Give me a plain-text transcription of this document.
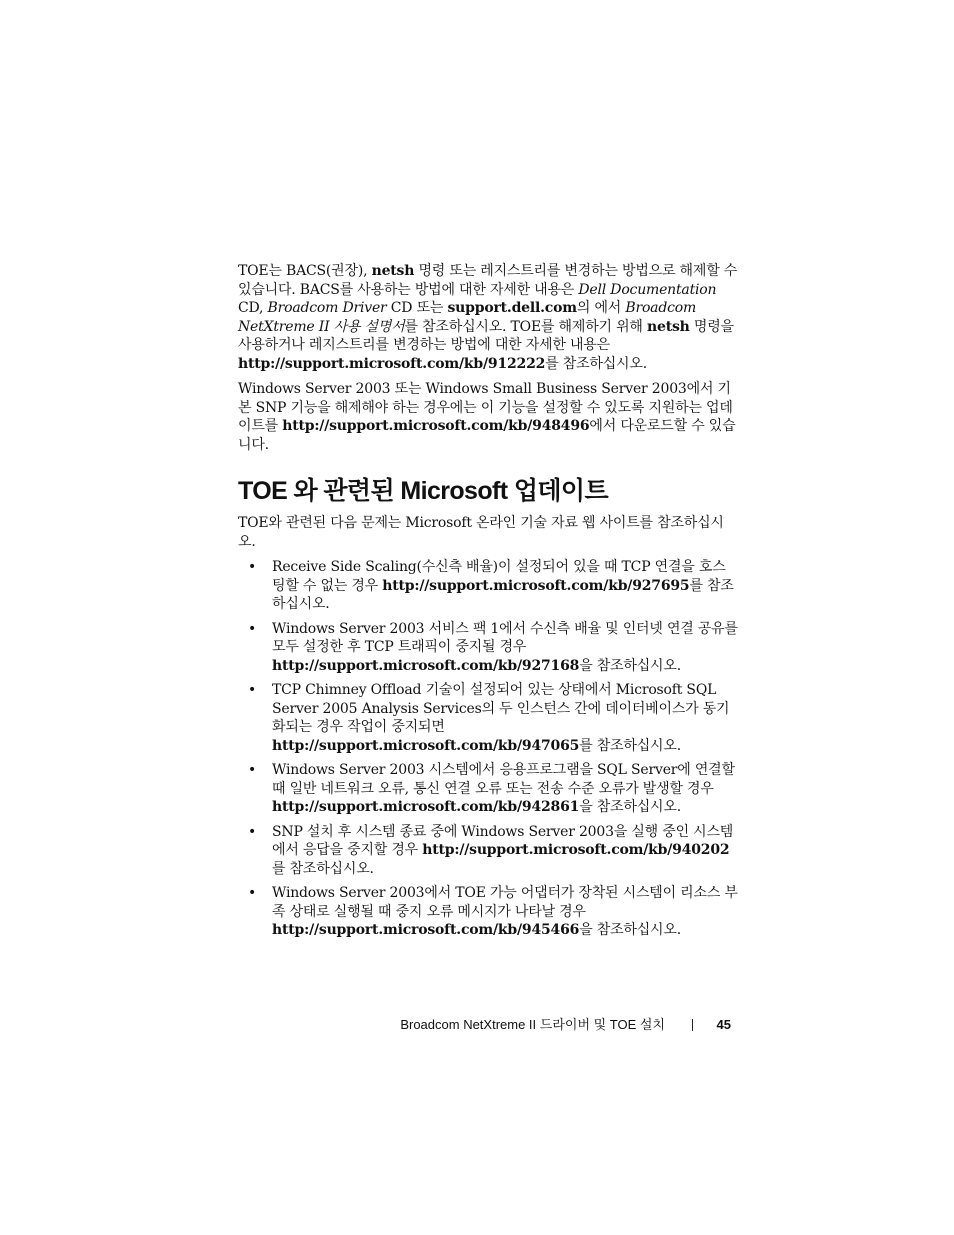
TOE는 BACS(권장), netsh 명령 또는 레지스트리를 변경하는 방법으로 해제할 수 있습니다. BACS를 사용하는 방법에 대한 자세한 내용은 Dell Documentation CD, Broadcom Driver CD 또는 support.dell.com의 에서 Broadcom NetXtreme II 사용 설명서를 참조하십시오. TOE를 해제하기 위해 netsh 명령을 사용하거나 레지스트리를 변경하는 방법에 대한 자세한 내용은 http://support.microsoft.com/kb/912222를 참조하십시오.

Windows Server 2003 또는 Windows Small Business Server 2003에서 기본 SNP 기능을 해제해야 하는 경우에는 이 기능을 설정할 수 있도록 지원하는 업데이트를 http://support.microsoft.com/kb/948496에서 다운로드할 수 있습니다.

TOE 와 관련된 Microsoft 업데이트

TOE와 관련된 다음 문제는 Microsoft 온라인 기술 자료 웹 사이트를 참조하십시오.

• Receive Side Scaling(수신측 배율)이 설정되어 있을 때 TCP 연결을 호스팅할 수 없는 경우 http://support.microsoft.com/kb/927695를 참조하십시오.
• Windows Server 2003 서비스 팩 1에서 수신측 배율 및 인터넷 연결 공유를 모두 설정한 후 TCP 트래픽이 중지될 경우 http://support.microsoft.com/kb/927168을 참조하십시오.
• TCP Chimney Offload 기술이 설정되어 있는 상태에서 Microsoft SQL Server 2005 Analysis Services의 두 인스턴스 간에 데이터베이스가 동기화되는 경우 작업이 중지되면 http://support.microsoft.com/kb/947065를 참조하십시오.
• Windows Server 2003 시스템에서 응용프로그램을 SQL Server에 연결할 때 일반 네트워크 오류, 통신 연결 오류 또는 전송 수준 오류가 발생할 경우 http://support.microsoft.com/kb/942861을 참조하십시오.
• SNP 설치 후 시스템 종료 중에 Windows Server 2003을 실행 중인 시스템에서 응답을 중지할 경우 http://support.microsoft.com/kb/940202를 참조하십시오.
• Windows Server 2003에서 TOE 가능 어댑터가 장착된 시스템이 리소스 부족 상태로 실행될 때 중지 오류 메시지가 나타날 경우 http://support.microsoft.com/kb/945466을 참조하십시오.
Broadcom NetXtreme II 드라이버 및 TOE 설치	45
